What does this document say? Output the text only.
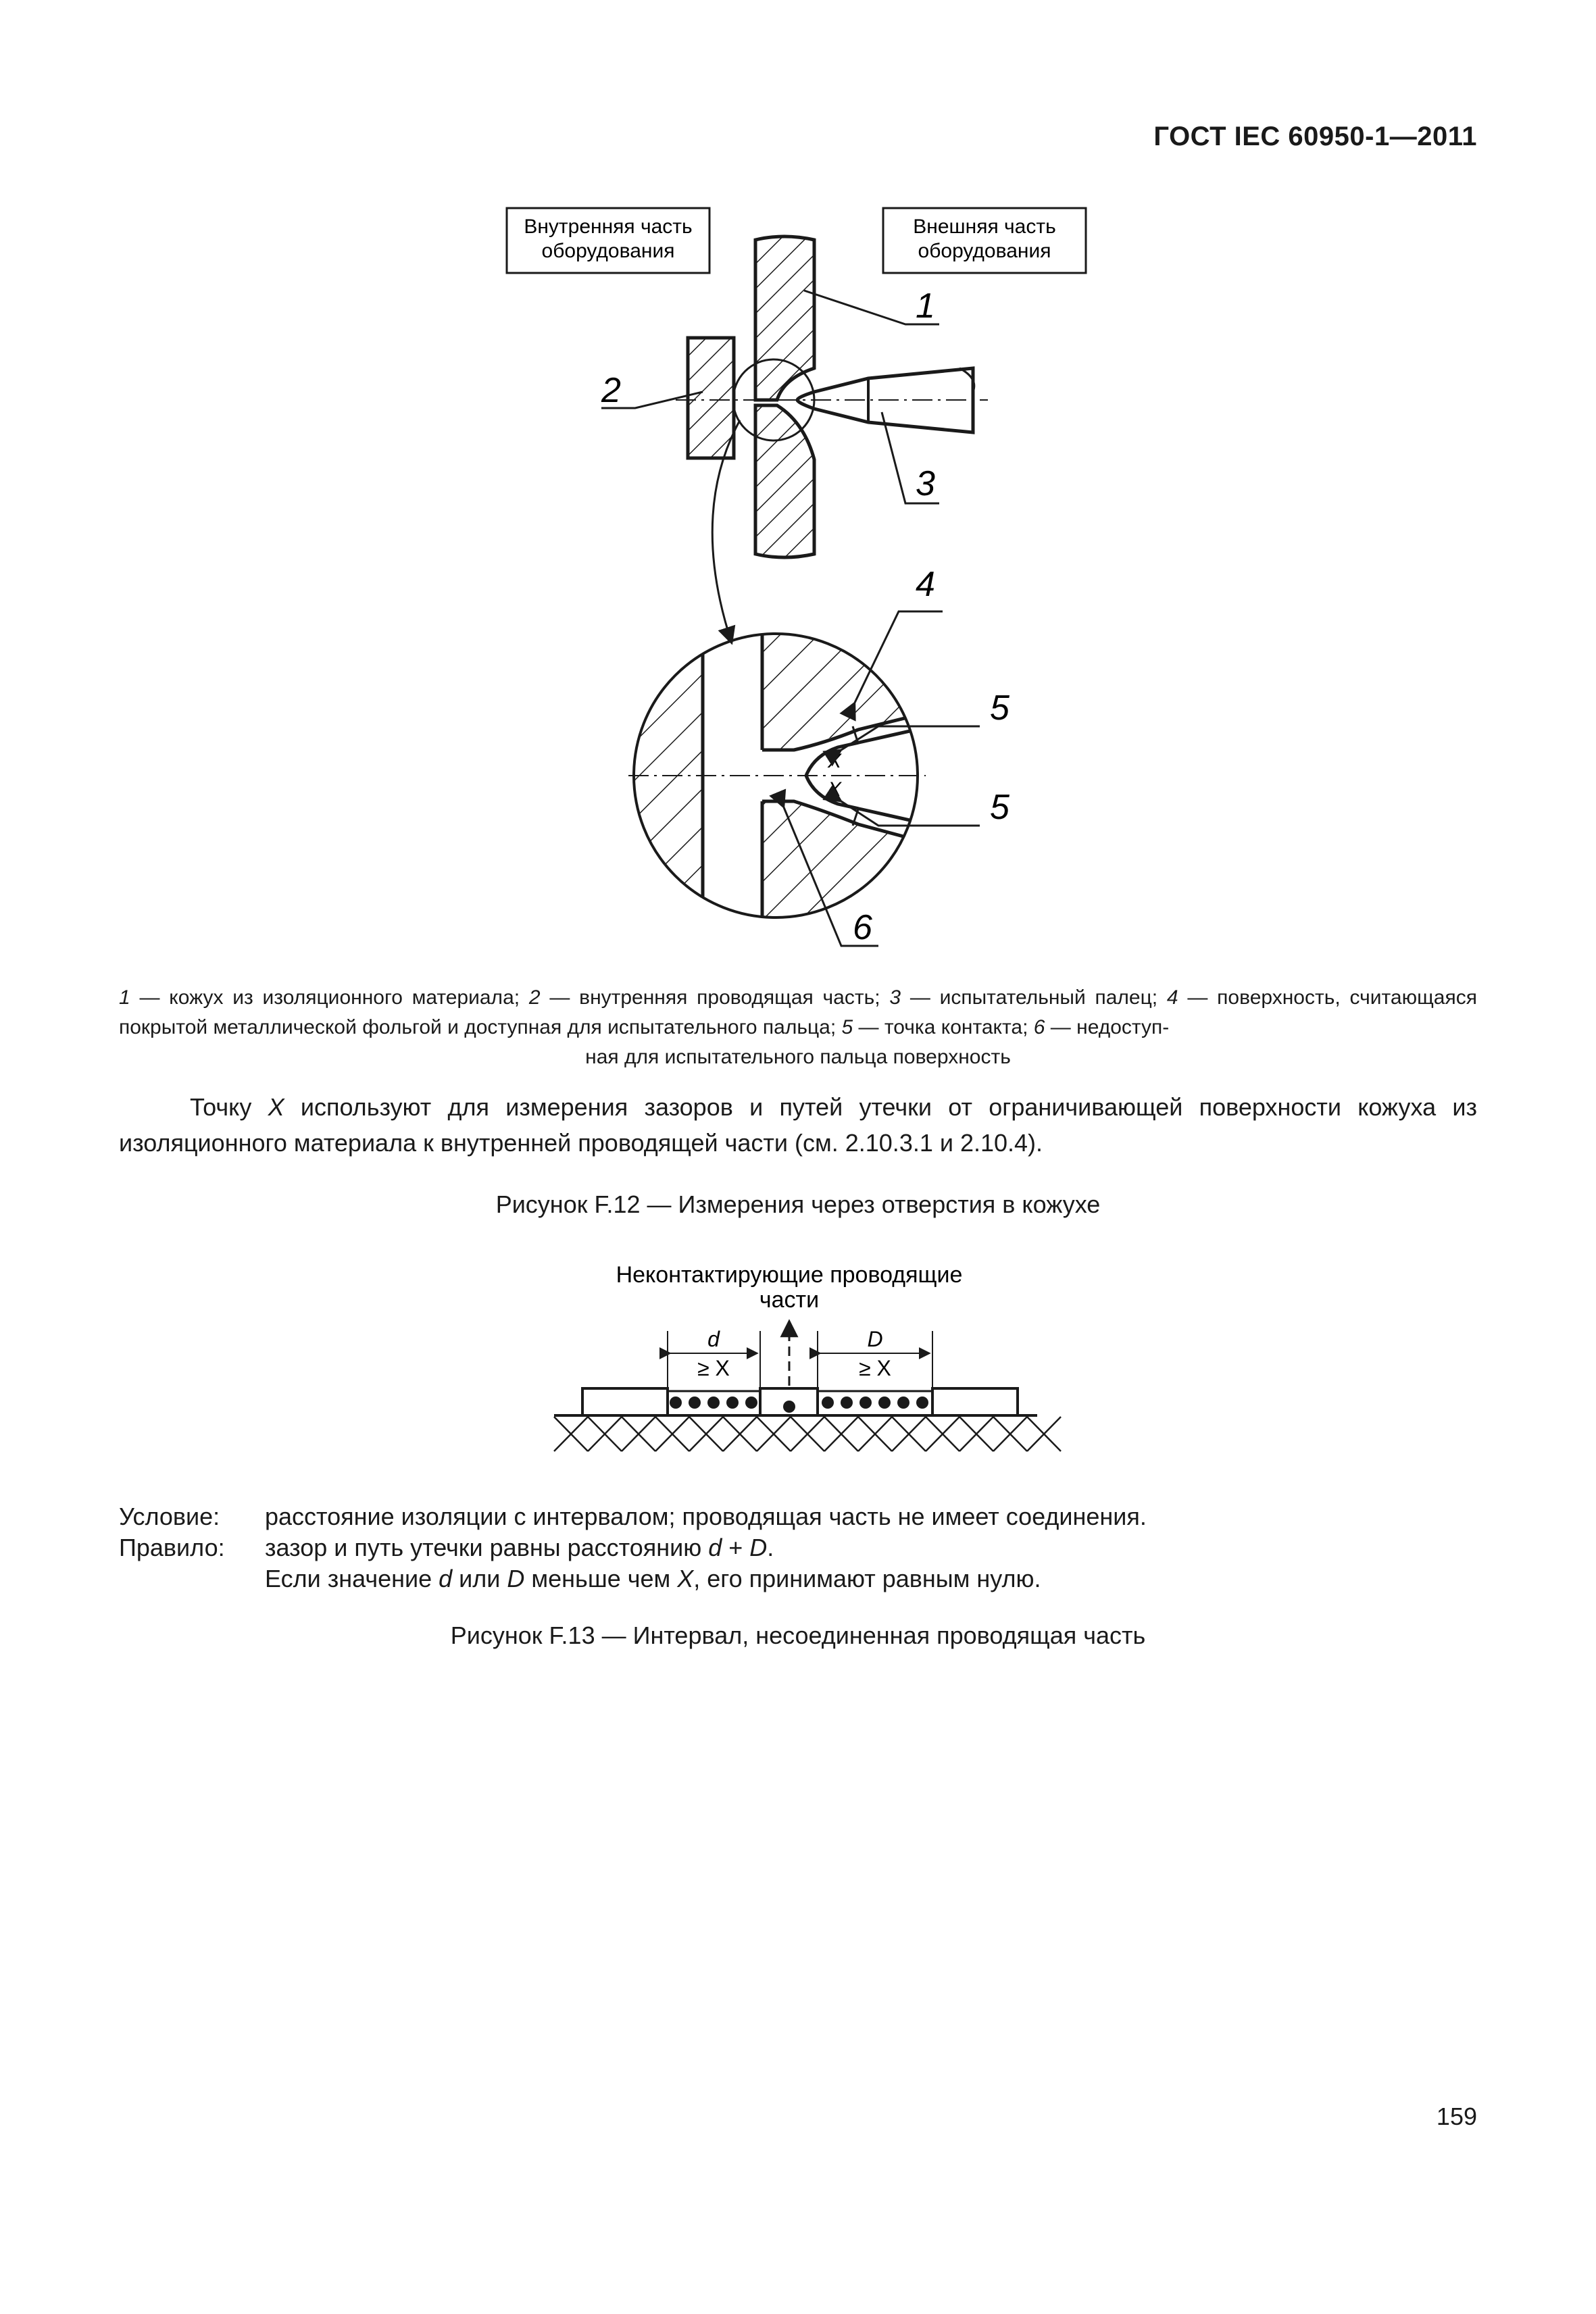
ГОСТ IEC 60950-1—2011
Внутренняя часть
оборудования
Внешняя часть
оборудования
1
2
3
X
X
4
5
5
6
Неконтактирующие проводящие
части
d	D
≥ X	≥ X
1 — кожух из изоляционного материала; 2 — внутренняя проводящая часть; 3 — испытательный палец; 4 — поверхность, считающаяся покрытой металлической фольгой и доступная для испытательного пальца; 5 — точка контакта; 6 — недоступ-
ная для испытательного пальца поверхность
Точку X используют для измерения зазоров и путей утечки от ограничивающей поверхности кожуха из изоляционного материала к внутренней проводящей части (см. 2.10.3.1 и 2.10.4).
Рисунок F.12 — Измерения через отверстия в кожухе
Условие: расстояние изоляции с интервалом; проводящая часть не имеет соединения.
Правило: зазор и путь утечки равны расстоянию d + D.
Если значение d или D меньше чем X, его принимают равным нулю.
Рисунок F.13 — Интервал, несоединенная проводящая часть
159
